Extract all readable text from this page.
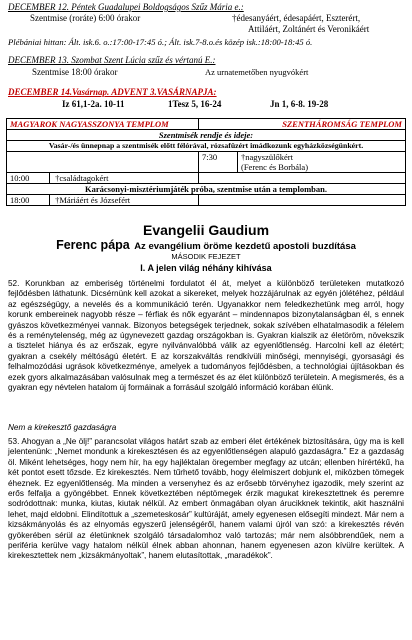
DECEMBER 12. Péntek Guadalupei Boldogságos Szűz Mária e.:
Szentmise (roráte) 6:00 órakor	†édesanyáért, édesapáért, Eszterért,
Attiláért, Zoltánért és Veronikáért
Plébániai hittan: Ált. isk.6. o.:17:00-17:45 ó.; Ált. isk.7-8.o.és közép isk.:18:00-18:45 ó.
DECEMBER 13. Szombat Szent Lúcia szűz és vértanú E.:
Szentmise 18:00 órakor	Az urnatemetőben nyugvókért
DECEMBER 14.Vasárnap. ADVENT 3.VASÁRNAPJA:
Iz 61,1-2a. 10-11	1Tesz 5, 16-24	Jn 1, 6-8. 19-28
MAGYAROK NAGYASSZONYA TEMPLOM	SZENTHÁROMSÁG TEMPLOM	
Szentmisék rendje és ideje:		
Vasár-/és ünnepnap a szentmisék előtt félórával, rózsafüzért imádkozunk egyházközségünkért.		
	7:30	†nagyszülőkért
(Ferenc és Borbála)

10:00 †családtagokért		
Karácsonyi-misztériumjáték próba, szentmise után a templomban.		
18:00 †Máriáért és Józsefért		
Evangelii Gaudium
Ferenc pápa Az evangélium öröme kezdetű apostoli buzdítása
MÁSODIK FEJEZET
I. A jelen világ néhány kihívása
52. Korunkban az emberiség történelmi fordulatot él át, melyet a különböző területeken mutatkozó fejlődésben láthatunk. Dicsérnünk kell azokat a sikereket, melyek hozzájárulnak az egyén jólétéhez, például az egészségügy, a nevelés és a kommunikáció terén. Ugyanakkor nem feledkezhetünk meg arról, hogy korunk embereinek nagyobb része – férfiak és nők egyaránt – mindennapos bizonytalanságban él, s ennek gyászos következményei vannak. Bizonyos betegségek terjednek, sokak szívében elhatalmasodik a félelem és a reménytelenség, még az úgynevezett gazdag országokban is. Gyakran kialszik az életöröm, növekszik a tisztelet hiánya és az erőszak, egyre nyilvánvalóbbá válik az egyenlőtlenség. Harcolni kell az életért; gyakran a csekély méltóságú életért. E az korszakváltás rendkívüli minőségi, mennyiségi, gyorsasági és felhalmozódási ugrások következménye, amelyek a tudományos fejlődésben, a technológiai újításokban és ezek gyors alkalmazásában valósulnak meg a természet és az élet különböző területein. A megismerés, és a gyakran egy névtelen hatalom új formáinak a forrásául szolgáló információ korában élünk.
Nem a kirekesztő gazdaságra
53. Ahogyan a „Ne ölj!” parancsolat világos határt szab az emberi élet értékének biztosítására, úgy ma is kell jelentenünk: „Nemet mondunk a kirekesztésen és az egyenlőtlenségen alapuló gazdaságra.” Ez a gazdaság öl. Miként lehetséges, hogy nem hír, ha egy hajléktalan öregember megfagy az utcán; ellenben hírértékű, ha két pontot esett tőzsde. Ez kirekesztés. Nem tűrhető tovább, hogy élelmiszert dobjunk el, miközben tömegek éheznek. Ez egyenlőtlenség. Ma minden a versenyhez és az erősebb törvényhez igazodik, mely szerint az erős felfalja a gyöngébbet. Ennek következtében néptömegek érzik magukat kirekesztettnek és peremre sodródottnak: munka, kiutas, kiutak nélkül. Az embert önmagában olyan árucikknek tekintik, akit használni lehet, majd eldobni. Elindítottuk a „szemeteskosár” kultúráját, amely egyenesen elősegíti mindezt. Már nem a kizsákmányolás és az elnyomás egyszerű jelenségéről, hanem valami újról van szó: a kirekesztés révén gyökerében sérül az életünknek szolgáló társadalomhoz való tartozás; már nem alsóbbrendűek, nem a periféria kerülve vagy hatalom nélkül élnek abban ahonnan, hanem egyenesen azon kívülre kerültek. A kirekesztettek nem „kizsákmányoltak”, hanem elutasítottak, „maradékok”.
